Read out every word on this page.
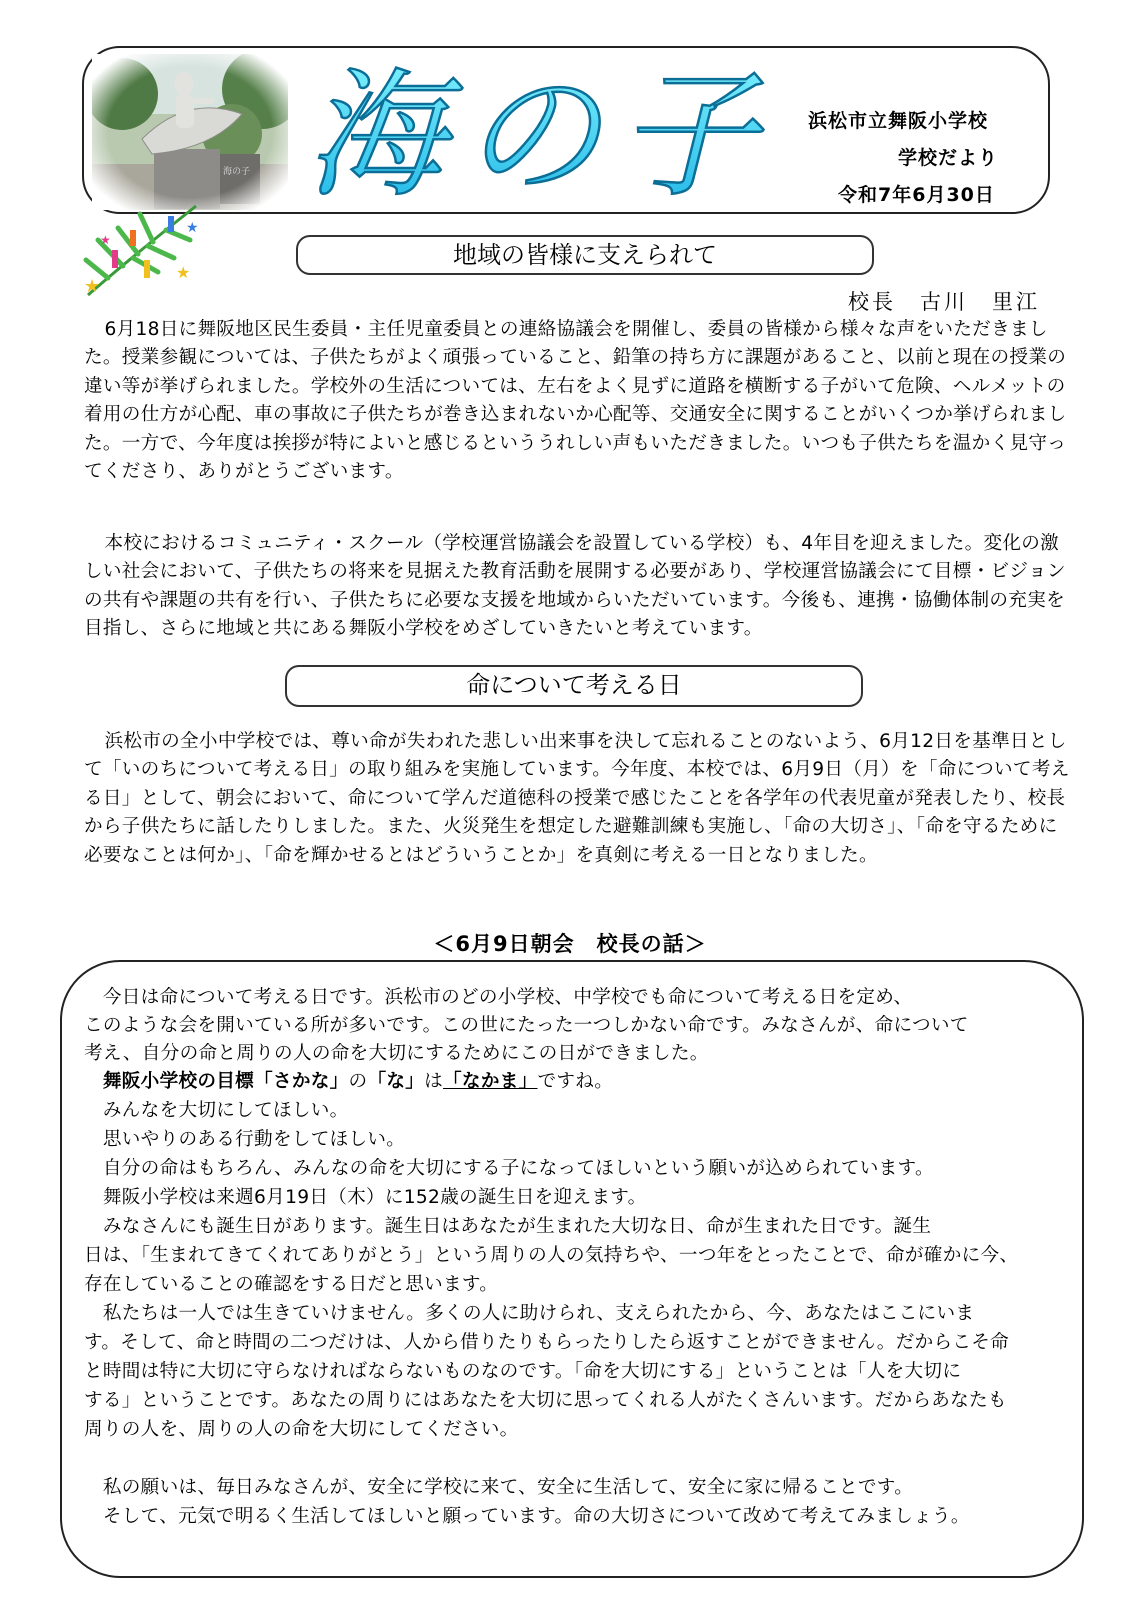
海の子 浜松市立舞阪小学校
学校だより
令和7年6月30日
★
★
★
★
地域の皆様に支えられて
校長　古川　里江

6月18日に舞阪地区民生委員・主任児童委員との連絡協議会を開催し、委員の皆様から様々な声をいただきました。授業参観については、子供たちがよく頑張っていること、鉛筆の持ち方に課題があること、以前と現在の授業の違い等が挙げられました。学校外の生活については、左右をよく見ずに道路を横断する子がいて危険、ヘルメットの着用の仕方が心配、車の事故に子供たちが巻き込まれないか心配等、交通安全に関することがいくつか挙げられました。一方で、今年度は挨拶が特によいと感じるといううれしい声もいただきました。いつも子供たちを温かく見守ってくださり、ありがとうございます。

本校におけるコミュニティ・スクール（学校運営協議会を設置している学校）も、4年目を迎えました。変化の激しい社会において、子供たちの将来を見据えた教育活動を展開する必要があり、学校運営協議会にて目標・ビジョンの共有や課題の共有を行い、子供たちに必要な支援を地域からいただいています。今後も、連携・協働体制の充実を目指し、さらに地域と共にある舞阪小学校をめざしていきたいと考えています。

命について考える日

浜松市の全小中学校では、尊い命が失われた悲しい出来事を決して忘れることのないよう、6月12日を基準日として「いのちについて考える日」の取り組みを実施しています。今年度、本校では、6月9日（月）を「命について考える日」として、朝会において、命について学んだ道徳科の授業で感じたことを各学年の代表児童が発表したり、校長から子供たちに話したりしました。また、火災発生を想定した避難訓練も実施し、「命の大切さ」、「命を守るために必要なことは何か」、「命を輝かせるとはどういうことか」を真剣に考える一日となりました。

＜6月9日朝会　校長の話＞
　今日は命について考える日です。浜松市のどの小学校、中学校でも命について考える日を定め、
このような会を開いている所が多いです。この世にたった一つしかない命です。みなさんが、命について
考え、自分の命と周りの人の命を大切にするためにこの日ができました。
　舞阪小学校の目標「さかな」の「な」は「なかま」ですね。
　みんなを大切にしてほしい。
　思いやりのある行動をしてほしい。
　自分の命はもちろん、みんなの命を大切にする子になってほしいという願いが込められています。
　舞阪小学校は来週6月19日（木）に152歳の誕生日を迎えます。
　みなさんにも誕生日があります。誕生日はあなたが生まれた大切な日、命が生まれた日です。誕生
日は、「生まれてきてくれてありがとう」という周りの人の気持ちや、一つ年をとったことで、命が確かに今、
存在していることの確認をする日だと思います。
　私たちは一人では生きていけません。多くの人に助けられ、支えられたから、今、あなたはここにいま
す。そして、命と時間の二つだけは、人から借りたりもらったりしたら返すことができません。だからこそ命
と時間は特に大切に守らなければならないものなのです。「命を大切にする」ということは「人を大切に
する」ということです。あなたの周りにはあなたを大切に思ってくれる人がたくさんいます。だからあなたも
周りの人を、周りの人の命を大切にしてください。
　私の願いは、毎日みなさんが、安全に学校に来て、安全に生活して、安全に家に帰ることです。
　そして、元気で明るく生活してほしいと願っています。命の大切さについて改めて考えてみましょう。
